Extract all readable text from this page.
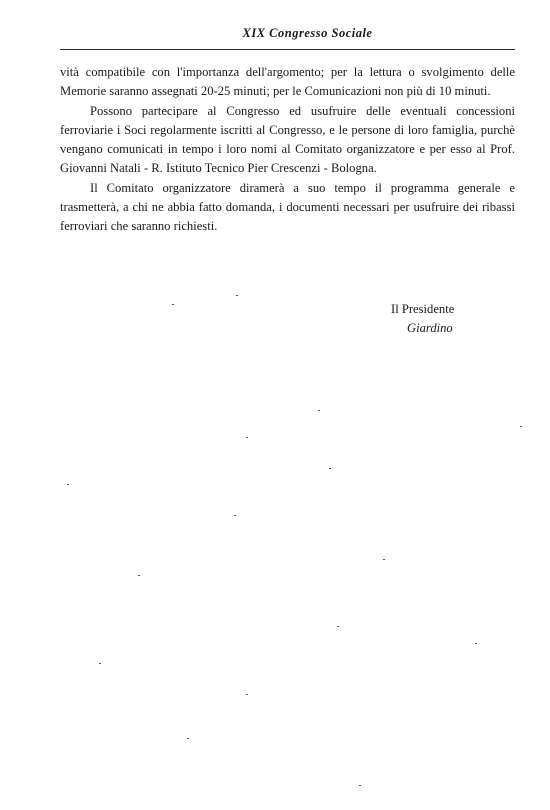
XIX Congresso Sociale

vità compatibile con l'importanza dell'argomento; per la lettura o svolgimento delle Memorie saranno assegnati 20-25 minuti; per le Comunicazioni non più di 10 minuti.

Possono partecipare al Congresso ed usufruire delle eventuali concessioni ferroviarie i Soci regolarmente iscritti al Congresso, e le persone di loro famiglia, purchè vengano comunicati in tempo i loro nomi al Comitato organizzatore e per esso al Prof. Giovanni Natali - R. Istituto Tecnico Pier Crescenzi - Bologna.

Il Comitato organizzatore diramerà a suo tempo il programma generale e trasmetterà, a chi ne abbia fatto domanda, i documenti necessari per usufruire dei ribassi ferroviari che saranno richiesti.

Il Presidente
Giardino
